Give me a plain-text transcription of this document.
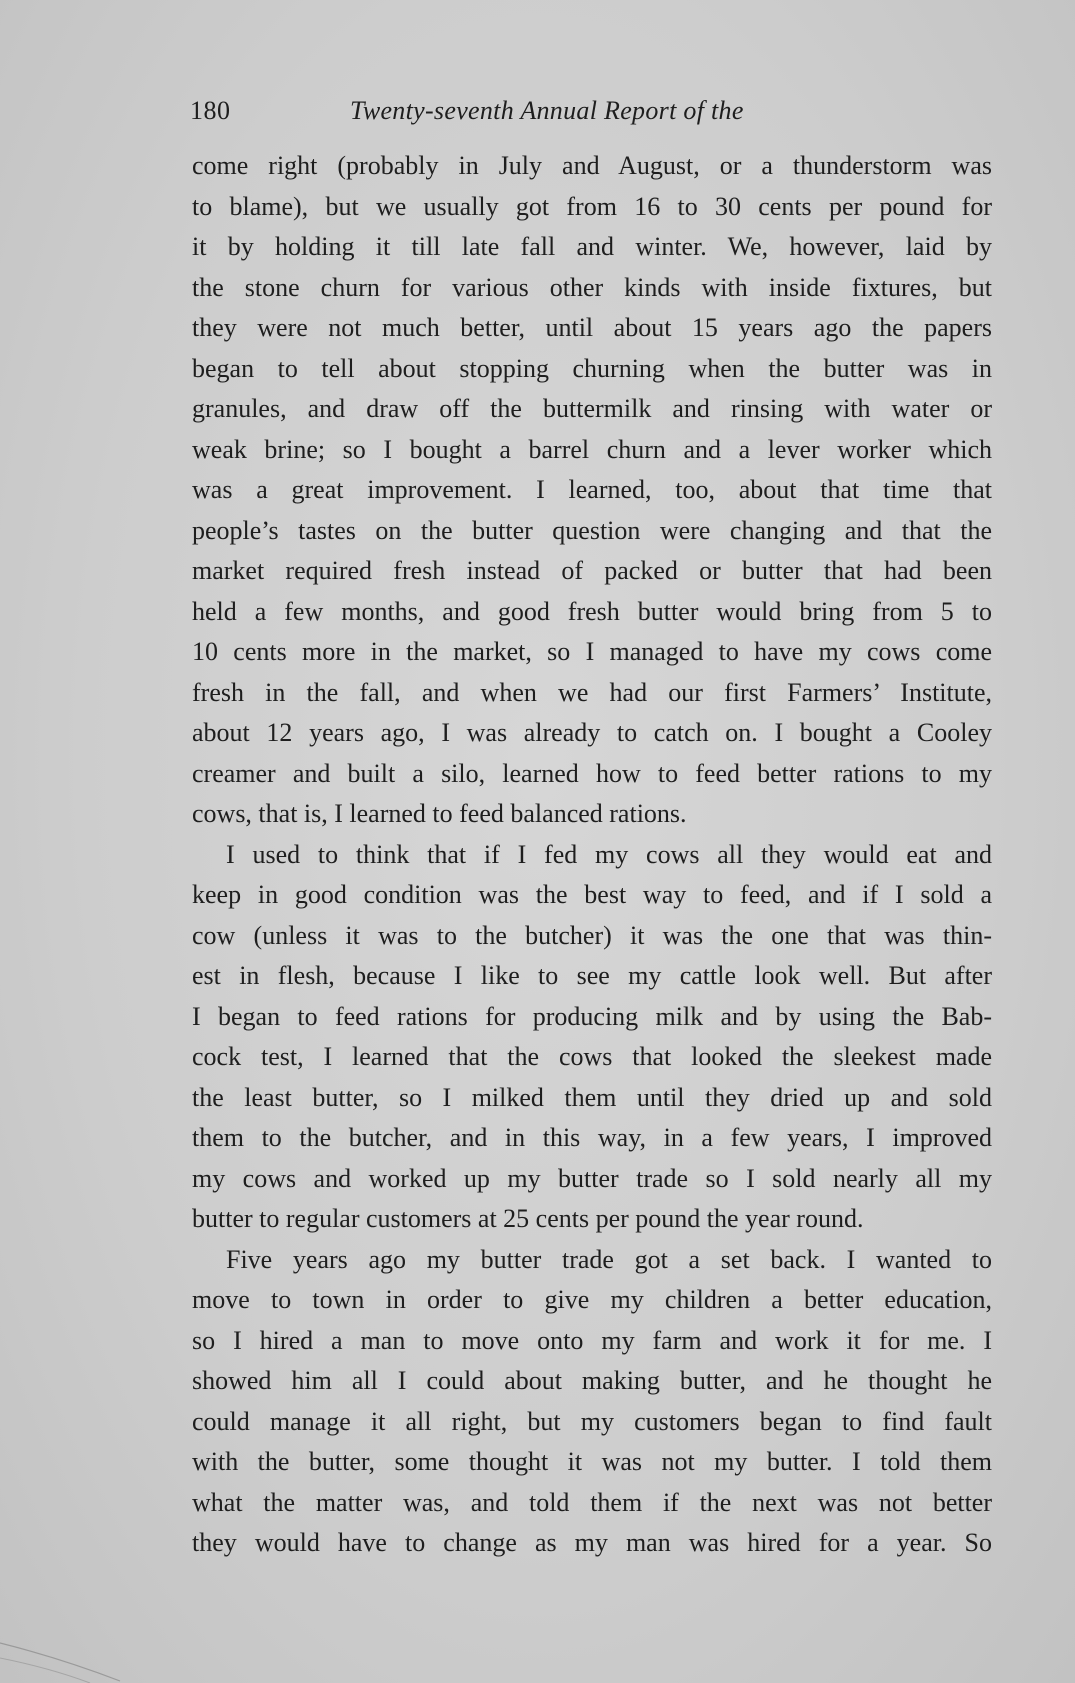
180	Twenty-seventh Annual Report of the
come right (probably in July and August, or a thunderstorm was
to blame), but we usually got from 16 to 30 cents per pound for
it by holding it till late fall and winter. We, however, laid by
the stone churn for various other kinds with inside fixtures, but
they were not much better, until about 15 years ago the papers
began to tell about stopping churning when the butter was in
granules, and draw off the buttermilk and rinsing with water or
weak brine; so I bought a barrel churn and a lever worker which
was a great improvement. I learned, too, about that time that
people’s tastes on the butter question were changing and that the
market required fresh instead of packed or butter that had been
held a few months, and good fresh butter would bring from 5 to
10 cents more in the market, so I managed to have my cows come
fresh in the fall, and when we had our first Farmers’ Institute,
about 12 years ago, I was already to catch on. I bought a Cooley
creamer and built a silo, learned how to feed better rations to my
cows, that is, I learned to feed balanced rations.
I used to think that if I fed my cows all they would eat and
keep in good condition was the best way to feed, and if I sold a
cow (unless it was to the butcher) it was the one that was thin-
est in flesh, because I like to see my cattle look well. But after
I began to feed rations for producing milk and by using the Bab-
cock test, I learned that the cows that looked the sleekest made
the least butter, so I milked them until they dried up and sold
them to the butcher, and in this way, in a few years, I improved
my cows and worked up my butter trade so I sold nearly all my
butter to regular customers at 25 cents per pound the year round.
Five years ago my butter trade got a set back. I wanted to
move to town in order to give my children a better education,
so I hired a man to move onto my farm and work it for me. I
showed him all I could about making butter, and he thought he
could manage it all right, but my customers began to find fault
with the butter, some thought it was not my butter. I told them
what the matter was, and told them if the next was not better
they would have to change as my man was hired for a year. So
